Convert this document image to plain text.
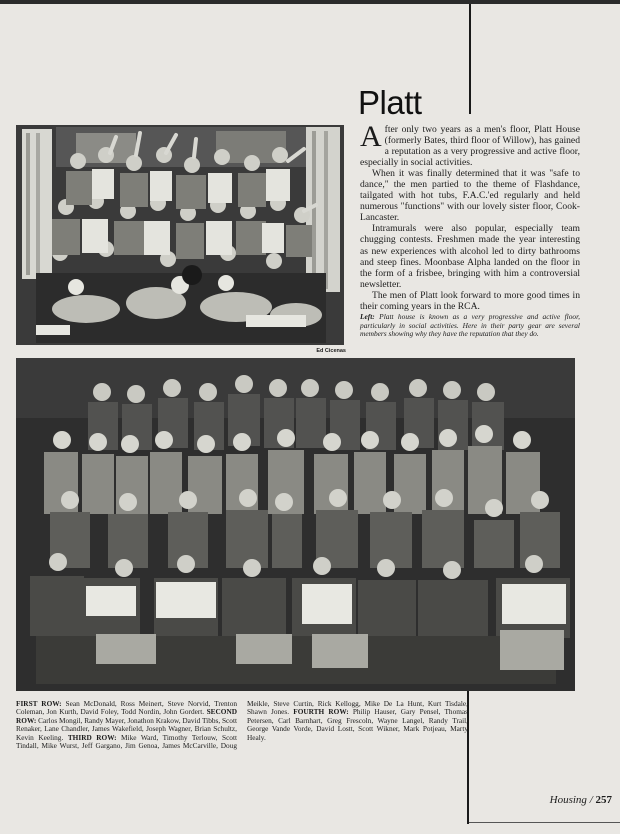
Platt
Ed Cicenas

After only two years as a men's floor, Platt House (formerly Bates, third floor of Willow), has gained a reputation as a very progressive and active floor, especially in social activities.

When it was finally determined that it was "safe to dance," the men partied to the theme of Flashdance, tailgated with hot tubs, F.A.C.'ed regularly and held numerous "functions" with our lovely sister floor, Cook-Lancaster.

Intramurals were also popular, especially team chugging contests. Freshmen made the year interesting as new experiences with alcohol led to dirty bathrooms and steep fines. Moonbase Alpha landed on the floor in the form of a frisbee, bringing with him a controversial newsletter.

The men of Platt look forward to more good times in their coming years in the RCA.

Left: Platt house is known as a very progressive and active floor, particularly in social activities. Here in their party gear are several members showing why they have the reputation that they do.
FIRST ROW: Sean McDonald, Ross Meinert, Steve Norvid, Trenton Coleman, Jon Kurth, David Foley, Todd Nordin, John Gordert. SECOND ROW: Carlos Mongil, Randy Mayer, Jonathon Krakow, David Tibbs, Scott Renaker, Lane Chandler, James Wakefield, Joseph Wagner, Brian Schultz, Kevin Keeling. THIRD ROW: Mike Ward, Timothy Terlouw, Scott Tindall, Mike Wurst, Jeff Gargano, Jim Genoa, James McCarville, Doug Meikle, Steve Curtin, Rick Kellogg, Mike De La Hunt, Kurt Tisdale, Shawn Jones. FOURTH ROW: Philip Hauser, Gary Pensel, Thomas Petersen, Carl Barnhart, Greg Frescoln, Wayne Langel, Randy Trail, George Vande Vorde, David Lostt, Scott Wikner, Mark Potjeau, Marty Healy.
Housing / 257
